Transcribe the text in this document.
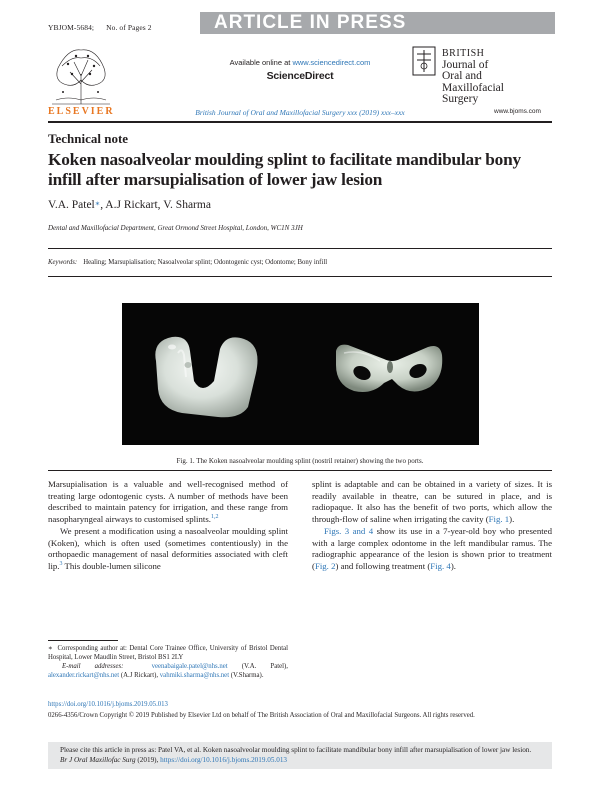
YBJOM-5684; No. of Pages 2	ARTICLE IN PRESS
ELSEVIER
Available online at www.sciencedirect.com
ScienceDirect
British Journal of Oral and Maxillofacial Surgery xxx (2019) xxx–xxx
BRITISH
Journal of
Oral and
Maxillofacial
Surgery
www.bjoms.com
Technical note
Koken nasoalveolar moulding splint to facilitate mandibular bony infill after marsupialisation of lower jaw lesion
V.A. Patel∗, A.J Rickart, V. Sharma
Dental and Maxillofacial Department, Great Ormond Street Hospital, London, WC1N 3JH
Keywords: Healing; Marsupialisation; Nasoalveolar splint; Odontogenic cyst; Odontome; Bony infill
Fig. 1. The Koken nasoalveolar moulding splint (nostril retainer) showing the two ports.

Marsupialisation is a valuable and well-recognised method of treating large odontogenic cysts. A number of methods have been described to maintain patency for irrigation, and these range from nasopharyngeal airways to customised splints.$^{1,2}$

We present a modification using a nasoalveolar moulding splint (Koken), which is often used (sometimes contentiously) in the orthopaedic management of nasal deformities associated with cleft lip.$^3$ This double-lumen silicone

splint is adaptable and can be obtained in a variety of sizes. It is readily available in theatre, can be sutured in place, and is radiopaque. It also has the benefit of two ports, which allow the through-flow of saline when irrigating the cavity (Fig. 1).

Figs. 3 and 4 show its use in a 7-year-old boy who presented with a large complex odontome in the left mandibular ramus. The radiographic appearance of the lesion is shown prior to treatment (Fig. 2) and following treatment (Fig. 4).

∗ Corresponding author at: Dental Core Trainee Office, University of Bristol Dental Hospital, Lower Maudlin Street, Bristol BS1 2LY
E-mail addresses:	veenabaigale.patel@nhs.net (V.A. Patel), alexander.rickart@nhs.net (A.J Rickart), vahmiki.sharma@nhs.net (V.Sharma).
https://doi.org/10.1016/j.bjoms.2019.05.013
0266-4356/Crown Copyright © 2019 Published by Elsevier Ltd on behalf of The British Association of Oral and Maxillofacial Surgeons. All rights reserved.
Please cite this article in press as: Patel VA, et al. Koken nasoalveolar moulding splint to facilitate mandibular bony infill after marsupialisation of lower jaw lesion. Br J Oral Maxillofac Surg (2019), https://doi.org/10.1016/j.bjoms.2019.05.013
